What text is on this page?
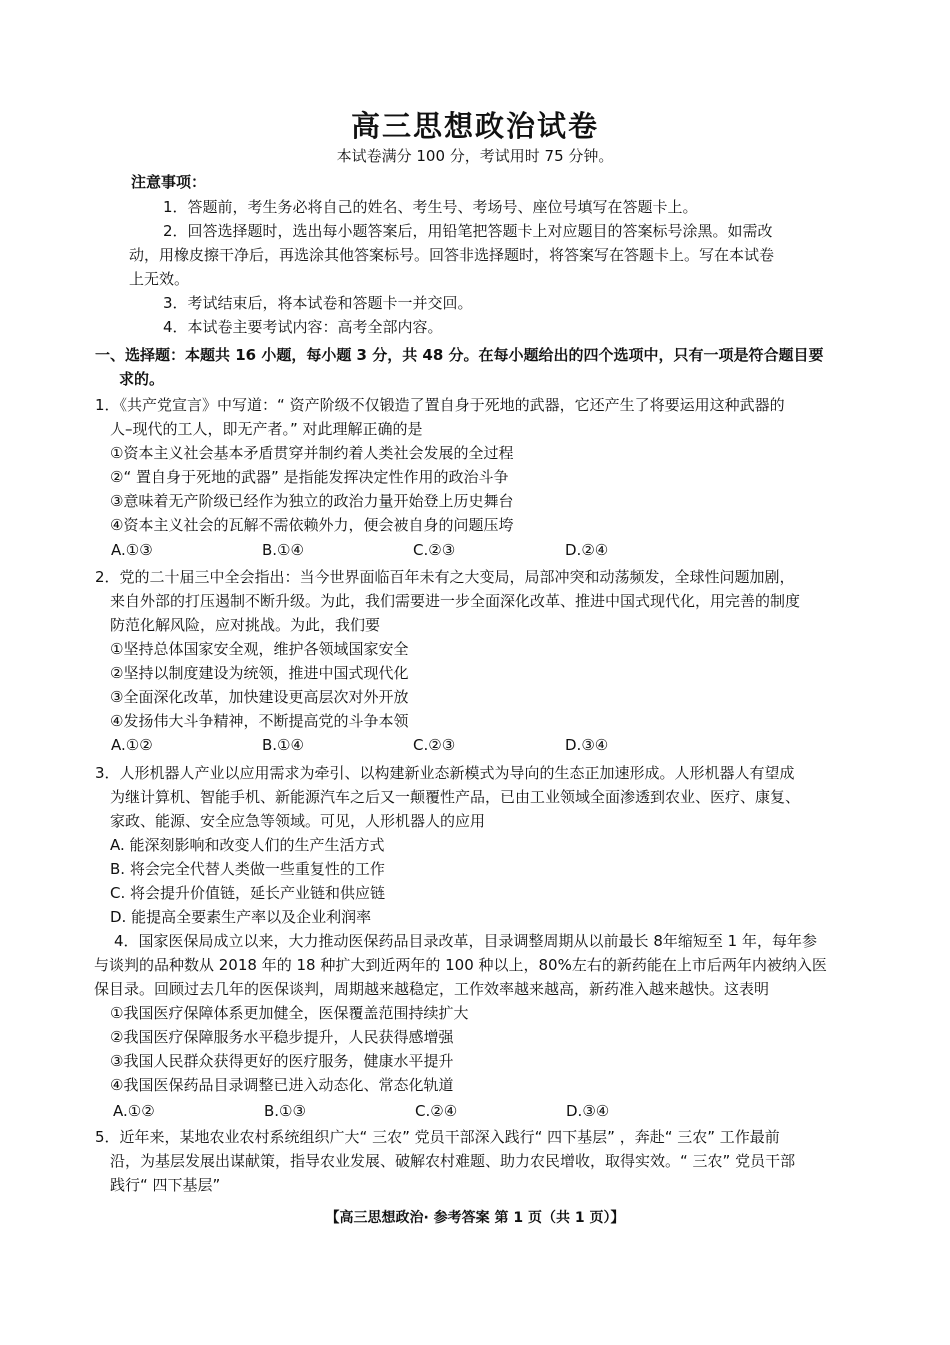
高三思想政治试卷
本试卷满分 100 分，考试用时 75 分钟。
注意事项：
1．答题前，考生务必将自己的姓名、考生号、考场号、座位号填写在答题卡上。
2．回答选择题时，选出每小题答案后，用铅笔把答题卡上对应题目的答案标号涂黑。如需改
动，用橡皮擦干净后，再选涂其他答案标号。回答非选择题时，将答案写在答题卡上。写在本试卷
上无效。
3．考试结束后，将本试卷和答题卡一并交回。
4．本试卷主要考试内容：高考全部内容。
一、选择题：本题共 16 小题，每小题 3 分，共 48 分。在每小题给出的四个选项中，只有一项是符合题目要
求的。
1．《共产党宣言》中写道：“ 资产阶级不仅锻造了置自身于死地的武器，它还产生了将要运用这种武器的
人–现代的工人，即无产者。” 对此理解正确的是
①资本主义社会基本矛盾贯穿并制约着人类社会发展的全过程
②“ 置自身于死地的武器” 是指能发挥决定性作用的政治斗争
③意味着无产阶级已经作为独立的政治力量开始登上历史舞台
④资本主义社会的瓦解不需依赖外力，便会被自身的问题压垮
A.①③	B.①④	C.②③	D.②④
2．党的二十届三中全会指出：当今世界面临百年未有之大变局，局部冲突和动荡频发，全球性问题加剧，
来自外部的打压遏制不断升级。为此，我们需要进一步全面深化改革、推进中国式现代化，用完善的制度
防范化解风险，应对挑战。为此，我们要
①坚持总体国家安全观，维护各领域国家安全
②坚持以制度建设为统领，推进中国式现代化
③全面深化改革，加快建设更高层次对外开放
④发扬伟大斗争精神，不断提高党的斗争本领
A.①②	B.①④	C.②③	D.③④
3．人形机器人产业以应用需求为牵引、以构建新业态新模式为导向的生态正加速形成。人形机器人有望成
为继计算机、智能手机、新能源汽车之后又一颠覆性产品，已由工业领域全面渗透到农业、医疗、康复、
家政、能源、安全应急等领域。可见，人形机器人的应用
A. 能深刻影响和改变人们的生产生活方式
B. 将会完全代替人类做一些重复性的工作
C. 将会提升价值链，延长产业链和供应链
D. 能提高全要素生产率以及企业利润率
4．国家医保局成立以来，大力推动医保药品目录改革，目录调整周期从以前最长 8年缩短至 1 年，每年参
与谈判的品种数从 2018 年的 18 种扩大到近两年的 100 种以上，80%左右的新药能在上市后两年内被纳入医
保目录。回顾过去几年的医保谈判，周期越来越稳定，工作效率越来越高，新药准入越来越快。这表明
①我国医疗保障体系更加健全，医保覆盖范围持续扩大
②我国医疗保障服务水平稳步提升，人民获得感增强
③我国人民群众获得更好的医疗服务，健康水平提升
④我国医保药品目录调整已进入动态化、常态化轨道
A.①②	B.①③	C.②④	D.③④
5．近年来，某地农业农村系统组织广大“ 三农” 党员干部深入践行“ 四下基层” ，奔赴“ 三农” 工作最前
沿，为基层发展出谋献策，指导农业发展、破解农村难题、助力农民增收，取得实效。“ 三农” 党员干部
践行“ 四下基层”
【高三思想政治· 参考答案 第 1 页（共 1 页）】
